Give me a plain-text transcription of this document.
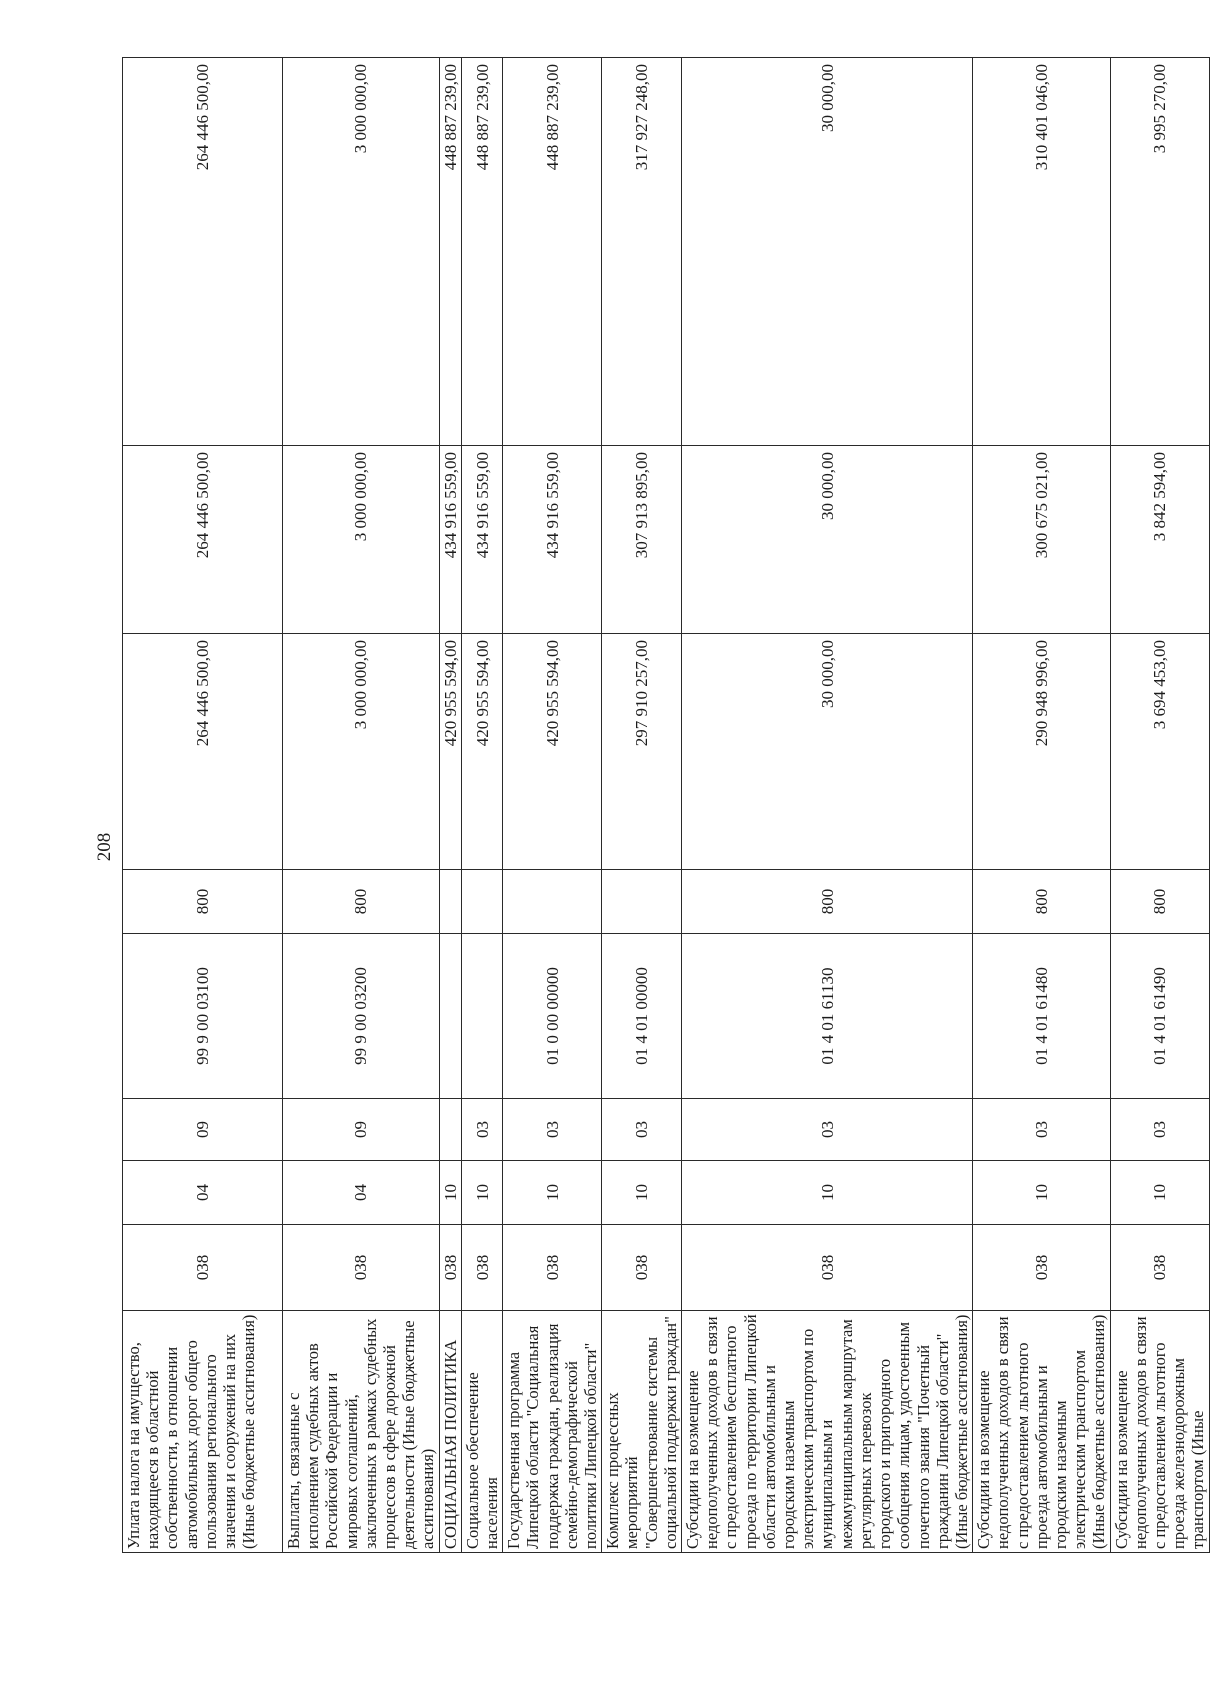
208
Уплата налога на имущество, находящееся в областной собственности, в отношении автомобильных дорог общего пользования регионального значения и сооружений на них (Иные бюджетные ассигнования)	038	04	09	99 9 00 03100	800	264 446 500,00	264 446 500,00	264 446 500,00
Выплаты, связанные с исполнением судебных актов Российской Федерации и мировых соглашений, заключенных в рамках судебных процессов в сфере дорожной деятельности (Иные бюджетные ассигнования)	038	04	09	99 9 00 03200	800	3 000 000,00	3 000 000,00	3 000 000,00
СОЦИАЛЬНАЯ ПОЛИТИКА	038	10				420 955 594,00	434 916 559,00	448 887 239,00
Социальное обеспечение населения	038	10	03			420 955 594,00	434 916 559,00	448 887 239,00
Государственная программа Липецкой области "Социальная поддержка граждан, реализация семейно-демографической политики Липецкой области"	038	10	03	01 0 00 00000		420 955 594,00	434 916 559,00	448 887 239,00
Комплекс процессных мероприятий "Совершенствование системы социальной поддержки граждан"	038	10	03	01 4 01 00000		297 910 257,00	307 913 895,00	317 927 248,00
Субсидии на возмещение недополученных доходов в связи с предоставлением бесплатного проезда по территории Липецкой области автомобильным и городским наземным электрическим транспортом по муниципальным и межмуниципальным маршрутам регулярных перевозок городского и пригородного сообщения лицам, удостоенным почетного звания "Почетный гражданин Липецкой области" (Иные бюджетные ассигнования)	038	10	03	01 4 01 61130	800	30 000,00	30 000,00	30 000,00
Субсидии на возмещение недополученных доходов в связи с предоставлением льготного проезда автомобильным и городским наземным электрическим транспортом (Иные бюджетные ассигнования)	038	10	03	01 4 01 61480	800	290 948 996,00	300 675 021,00	310 401 046,00
Субсидии на возмещение недополученных доходов в связи с предоставлением льготного проезда железнодорожным транспортом (Иные	038	10	03	01 4 01 61490	800	3 694 453,00	3 842 594,00	3 995 270,00
